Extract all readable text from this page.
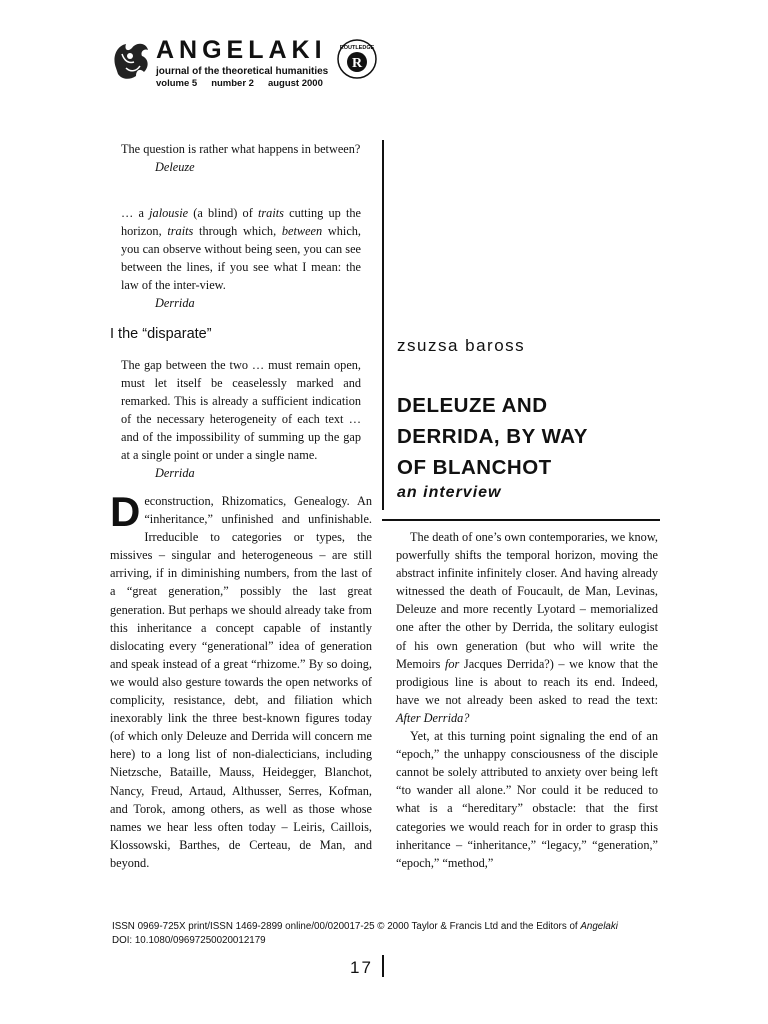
ANGELAKI
journal of the theoretical humanities
volume 5 number 2 august 2000
R
ROUTLEDGE
The question is rather what happens in between?
Deleuze
… a jalousie (a blind) of traits cutting up the horizon, traits through which, between which, you can observe without being seen, you can see between the lines, if you see what I mean: the law of the inter-view.
Derrida
I the “disparate”
The gap between the two … must remain open, must let itself be ceaselessly marked and remarked. This is already a sufficient indication of the necessary heterogeneity of each text … and of the impossibility of summing up the gap at a single point or under a single name.
Derrida
Deconstruction, Rhizomatics, Genealogy. An “inheritance,” unfinished and unfinishable. Irreducible to categories or types, the missives – singular and heterogeneous – are still arriving, if in diminishing numbers, from the last of a “great generation,” possibly the last great generation. But perhaps we should already take from this inheritance a concept capable of instantly dislocating every “generational” idea of generation and speak instead of a great “rhizome.” By so doing, we would also gesture towards the open networks of complicity, resistance, debt, and filiation which inexorably link the three best-known figures today (of which only Deleuze and Derrida will concern me here) to a long list of non-dialecticians, including Nietzsche, Bataille, Mauss, Heidegger, Blanchot, Nancy, Freud, Artaud, Althusser, Serres, Kofman, and Torok, among others, as well as those whose names we hear less often today – Leiris, Caillois, Klossowski, Barthes, de Certeau, de Man, and beyond.
zsuzsa baross
DELEUZE AND
DERRIDA, BY WAY
OF BLANCHOT
an interview

The death of one’s own contemporaries, we know, powerfully shifts the temporal horizon, moving the abstract infinite infinitely closer. And having already witnessed the death of Foucault, de Man, Levinas, Deleuze and more recently Lyotard – memorialized one after the other by Derrida, the solitary eulogist of his own generation (but who will write the Memoirs for Jacques Derrida?) – we know that the prodigious line is about to reach its end. Indeed, have we not already been asked to read the text: After Derrida?

Yet, at this turning point signaling the end of an “epoch,” the unhappy consciousness of the disciple cannot be solely attributed to anxiety over being left “to wander all alone.” Nor could it be reduced to what is a “hereditary” obstacle: that the first categories we would reach for in order to grasp this inheritance – “inheritance,” “legacy,” “generation,” “epoch,” “method,”

ISSN 0969-725X print/ISSN 1469-2899 online/00/020017-25 © 2000 Taylor & Francis Ltd and the Editors of Angelaki
DOI: 10.1080/09697250020012179
17
